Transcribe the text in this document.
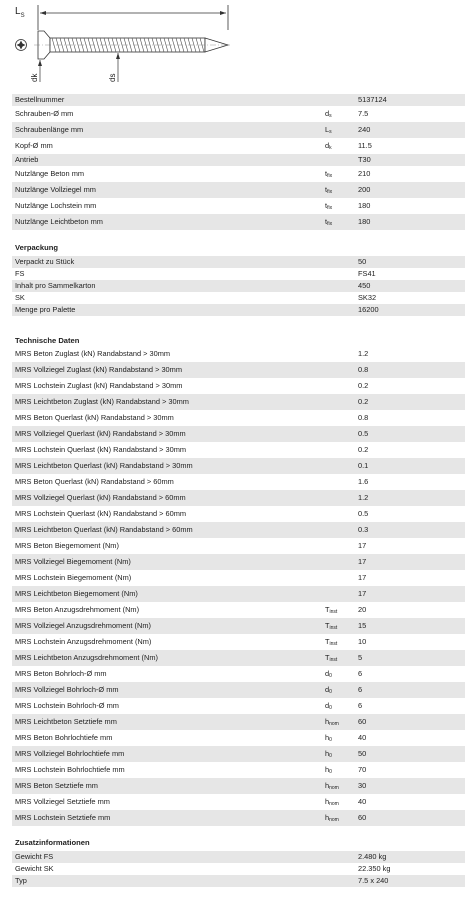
$L_S$
dk	ds
Bestellnummer	5137124
Schrauben-Ø mm	$d_s$	7.5
Schraubenlänge mm	$L_s$	240
Kopf-Ø mm	$d_k$	11.5
Antrieb	T30
Nutzlänge Beton mm	$t_{fix}$	210
Nutzlänge Vollziegel mm	$t_{fix}$	200
Nutzlänge Lochstein mm	$t_{fix}$	180
Nutzlänge Leichtbeton mm	$t_{fix}$	180
Verpackung
Verpackt zu Stück	50
FS	FS41
Inhalt pro Sammelkarton	450
SK	SK32
Menge pro Palette	16200
Technische Daten
MRS Beton Zuglast (kN) Randabstand > 30mm	1.2
MRS Vollziegel Zuglast (kN) Randabstand > 30mm	0.8
MRS Lochstein Zuglast (kN) Randabstand > 30mm	0.2
MRS Leichtbeton Zuglast (kN) Randabstand > 30mm	0.2
MRS Beton Querlast (kN) Randabstand > 30mm	0.8
MRS Vollziegel Querlast (kN) Randabstand > 30mm	0.5
MRS Lochstein Querlast (kN) Randabstand > 30mm	0.2
MRS Leichtbeton Querlast (kN) Randabstand > 30mm	0.1
MRS Beton Querlast (kN) Randabstand > 60mm	1.6
MRS Vollziegel Querlast (kN) Randabstand > 60mm	1.2
MRS Lochstein Querlast (kN) Randabstand > 60mm	0.5
MRS Leichtbeton Querlast (kN) Randabstand > 60mm	0.3
MRS Beton Biegemoment (Nm)	17
MRS Vollziegel Biegemoment (Nm)	17
MRS Lochstein Biegemoment (Nm)	17
MRS Leichtbeton Biegemoment (Nm)	17
MRS Beton Anzugsdrehmoment (Nm)	$T_{inst}$	20
MRS Vollziegel Anzugsdrehmoment (Nm)	$T_{inst}$	15
MRS Lochstein Anzugsdrehmoment (Nm)	$T_{inst}$	10
MRS Leichtbeton Anzugsdrehmoment (Nm)	$T_{inst}$	5
MRS Beton Bohrloch-Ø mm	$d_0$	6
MRS Vollziegel Bohrloch-Ø mm	$d_0$	6
MRS Lochstein Bohrloch-Ø mm	$d_0$	6
MRS Leichtbeton Setztiefe mm	$h_{nom}$	60
MRS Beton Bohrlochtiefe mm	$h_0$	40
MRS Vollziegel Bohrlochtiefe mm	$h_0$	50
MRS Lochstein Bohrlochtiefe mm	$h_0$	70
MRS Beton Setztiefe mm	$h_{nom}$	30
MRS Vollziegel Setztiefe mm	$h_{nom}$	40
MRS Lochstein Setztiefe mm	$h_{nom}$	60
Zusatzinformationen
Gewicht FS	2.480 kg
Gewicht SK	22.350 kg
Typ	7.5 x 240
